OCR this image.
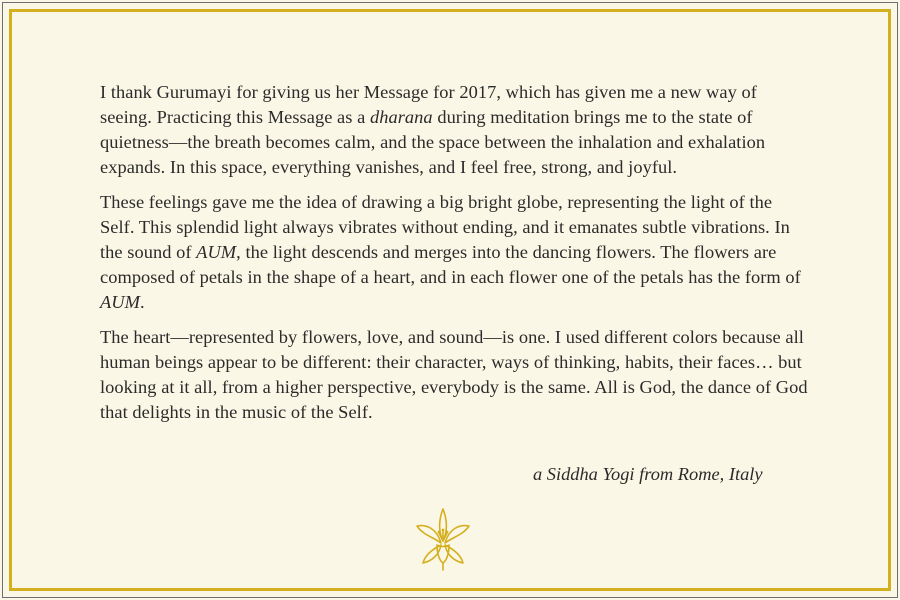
I thank Gurumayi for giving us her Message for 2017, which has given me a new way of seeing. Practicing this Message as a dharana during meditation brings me to the state of quietness—the breath becomes calm, and the space between the inhalation and exhalation expands. In this space, everything vanishes, and I feel free, strong, and joyful.

These feelings gave me the idea of drawing a big bright globe, representing the light of the Self. This splendid light always vibrates without ending, and it emanates subtle vibrations. In the sound of AUM, the light descends and merges into the dancing flowers. The flowers are composed of petals in the shape of a heart, and in each flower one of the petals has the form of AUM.

The heart—represented by flowers, love, and sound—is one. I used different colors because all human beings appear to be different: their character, ways of thinking, habits, their faces… but looking at it all, from a higher perspective, everybody is the same. All is God, the dance of God that delights in the music of the Self.

a Siddha Yogi from Rome, Italy
